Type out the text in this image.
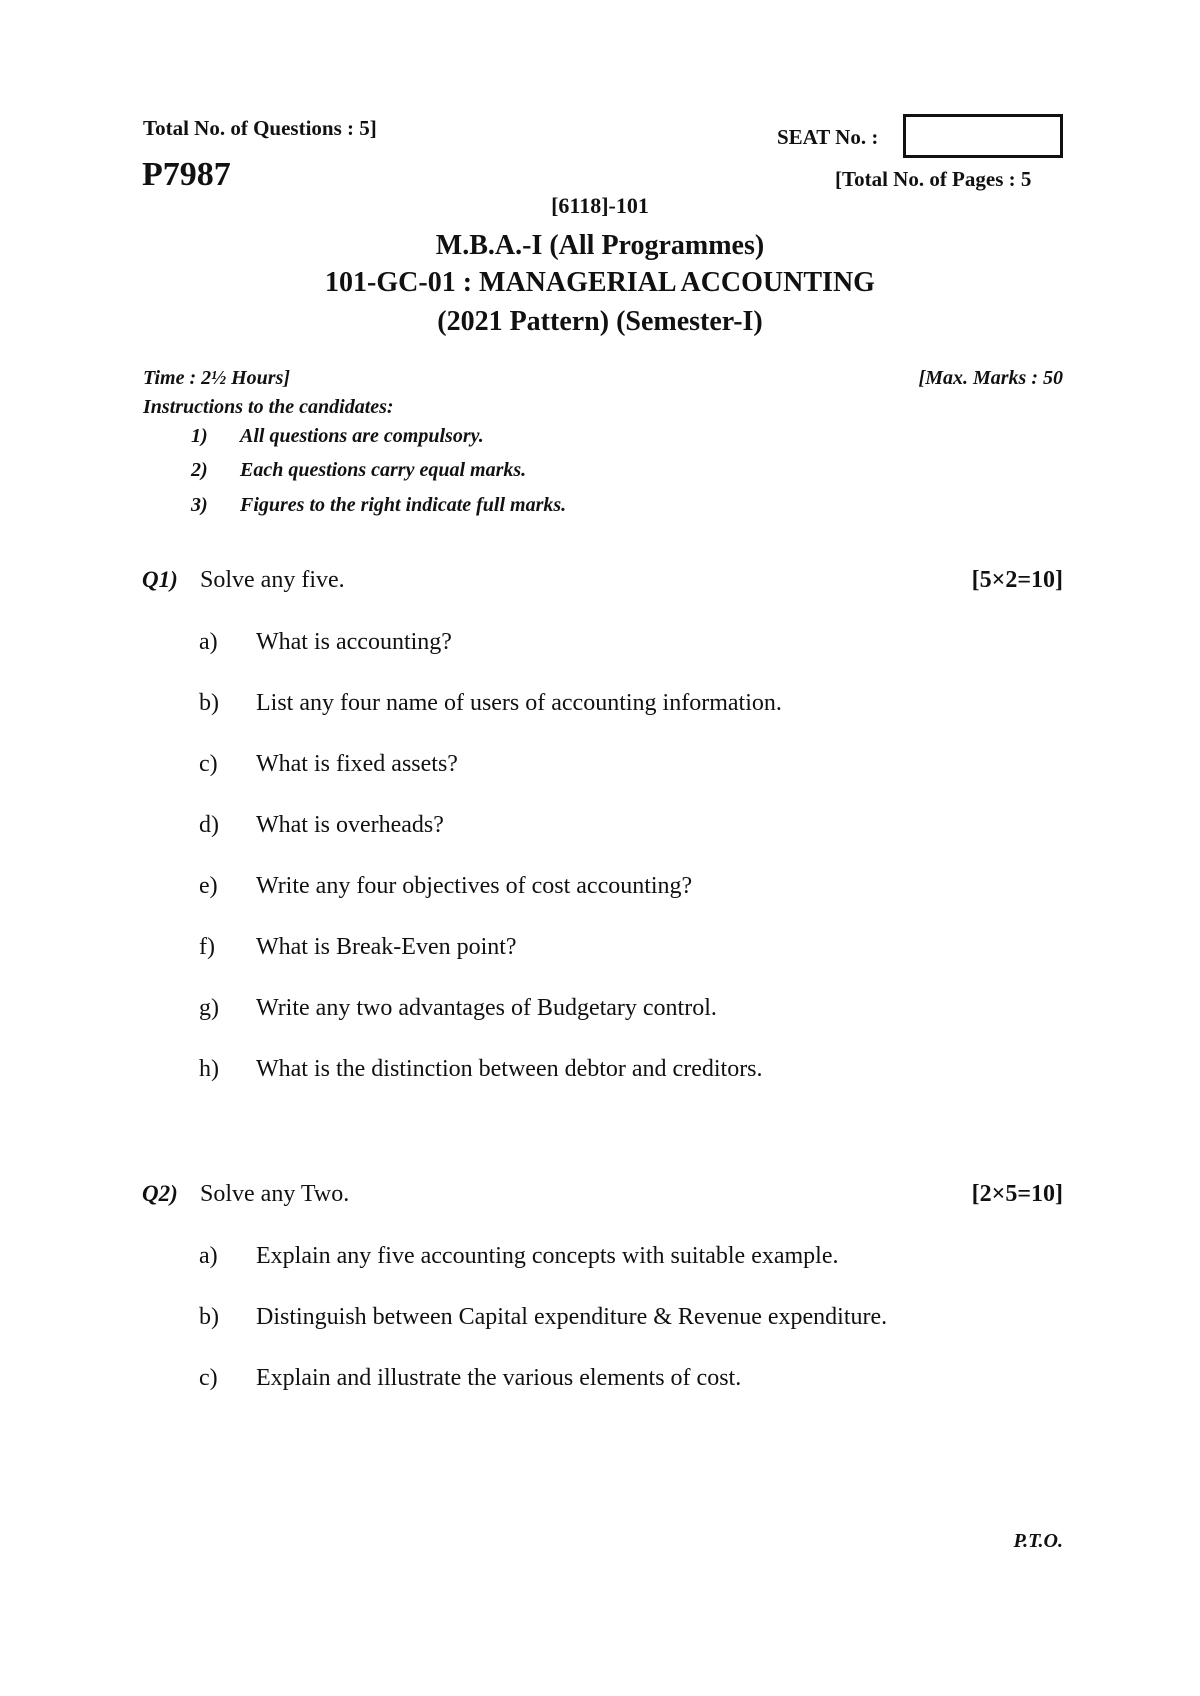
Total No. of Questions : 5]	SEAT No. :
P7987	[Total No. of Pages : 5
[6118]-101
M.B.A.-I (All Programmes)
101-GC-01 : MANAGERIAL ACCOUNTING
(2021 Pattern) (Semester-I)
Time : 2½ Hours]	[Max. Marks : 50
Instructions to the candidates:
1) All questions are compulsory.
2) Each questions carry equal marks.
3) Figures to the right indicate full marks.
Q1) Solve any five.	[5×2=10]
a) What is accounting?
b) List any four name of users of accounting information.
c) What is fixed assets?
d) What is overheads?
e) Write any four objectives of cost accounting?
f) What is Break-Even point?
g) Write any two advantages of Budgetary control.
h) What is the distinction between debtor and creditors.
Q2) Solve any Two.	[2×5=10]
a) Explain any five accounting concepts with suitable example.
b) Distinguish between Capital expenditure & Revenue expenditure.
c) Explain and illustrate the various elements of cost.
P.T.O.
